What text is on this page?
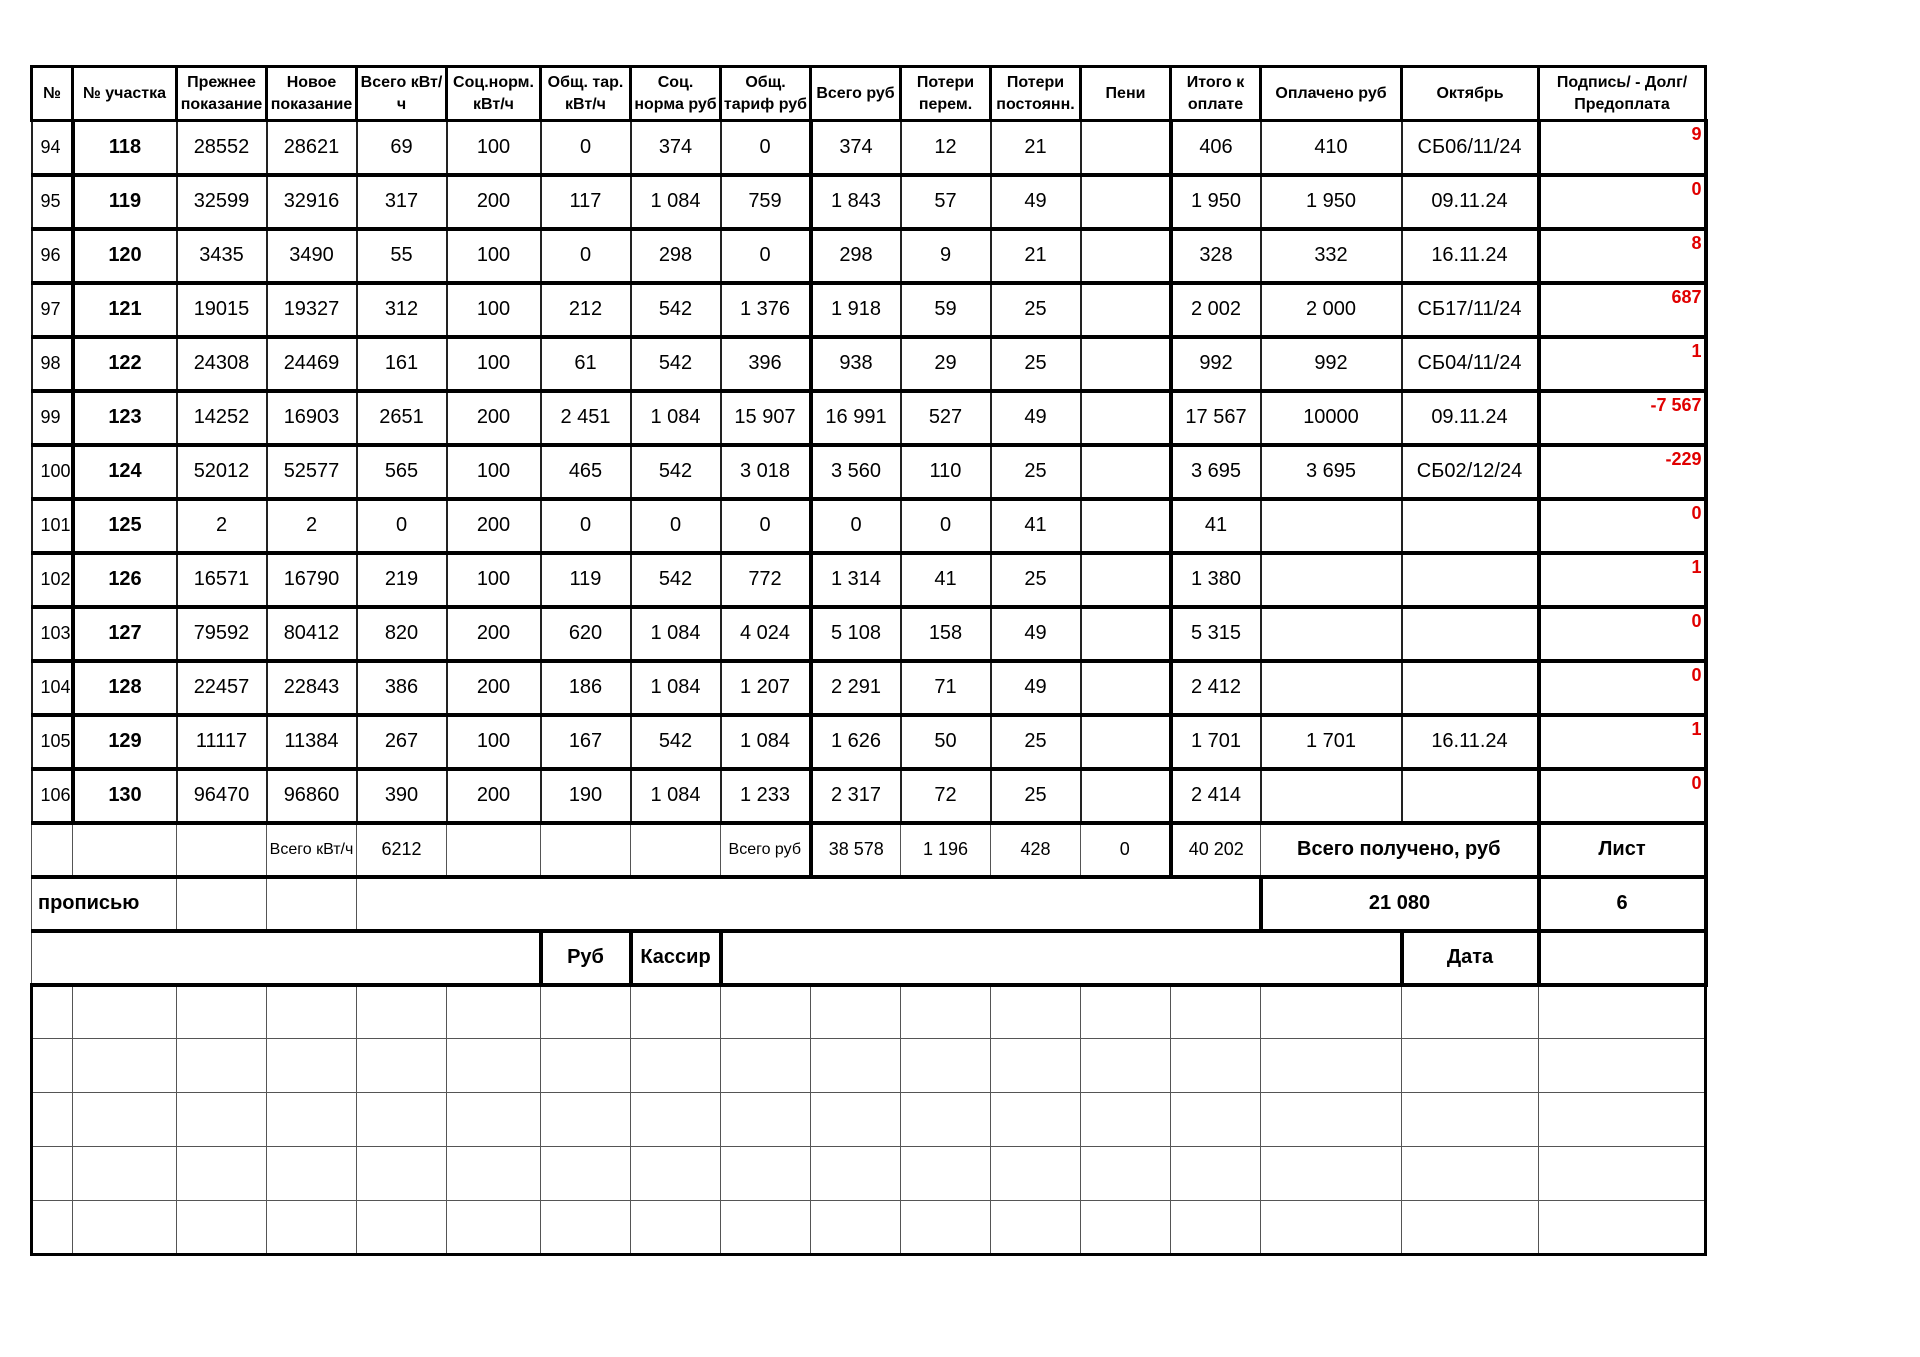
№	№ участка	Прежнее показание	Новое показание	Всего кВт/ч	Соц.норм. кВт/ч	Общ. тар. кВт/ч	Соц. норма руб	Общ. тариф руб	Всего руб	Потери перем.	Потери постоянн.	Пени	Итого к оплате	Оплачено руб	Октябрь	Подпись/ - Долг/Предоплата
94	118	28552	28621	69	100	0	374	0	374	12	21		406	410	СБ06/11/24	9
95	119	32599	32916	317	200	117	1 084	759	1 843	57	49		1 950	1 950	09.11.24	0
96	120	3435	3490	55	100	0	298	0	298	9	21		328	332	16.11.24	8
97	121	19015	19327	312	100	212	542	1 376	1 918	59	25		2 002	2 000	СБ17/11/24	687
98	122	24308	24469	161	100	61	542	396	938	29	25		992	992	СБ04/11/24	1
99	123	14252	16903	2651	200	2 451	1 084	15 907	16 991	527	49		17 567	10000	09.11.24	-7 567
100	124	52012	52577	565	100	465	542	3 018	3 560	110	25		3 695	3 695	СБ02/12/24	-229
101	125	2	2	0	200	0	0	0	0	0	41		41			0
102	126	16571	16790	219	100	119	542	772	1 314	41	25		1 380			1
103	127	79592	80412	820	200	620	1 084	4 024	5 108	158	49		5 315			0
104	128	22457	22843	386	200	186	1 084	1 207	2 291	71	49		2 412			0
105	129	11117	11384	267	100	167	542	1 084	1 626	50	25		1 701	1 701	16.11.24	1
106	130	96470	96860	390	200	190	1 084	1 233	2 317	72	25		2 414			0
			Всего кВт/ч	6212				Всего руб	38 578	1 196	428	0	40 202	Всего получено, руб		Лист
прописью														21 080		6
						Руб	Кассир								Дата	
